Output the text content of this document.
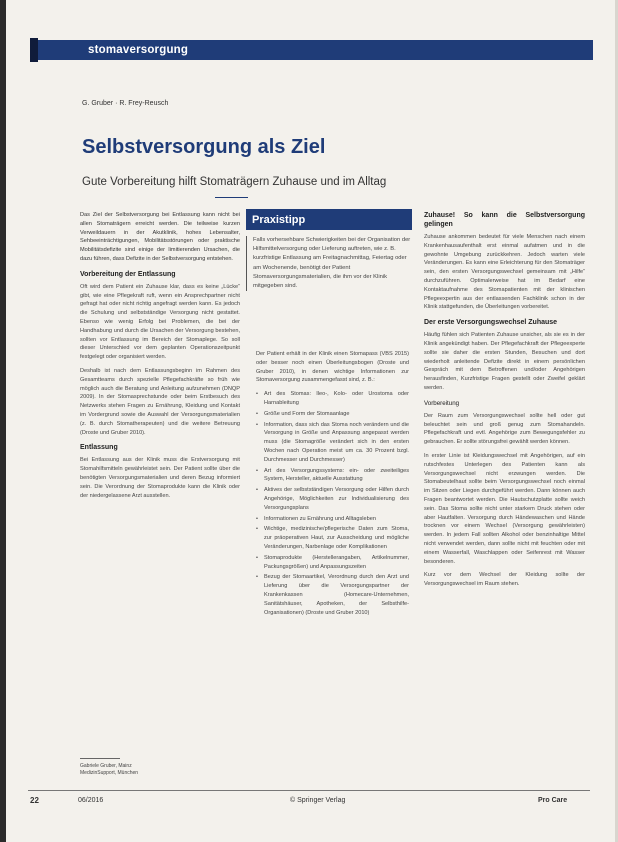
stomaversorgung
G. Gruber · R. Frey-Reusch
Selbstversorgung als Ziel
Gute Vorbereitung hilft Stomaträgern Zuhause und im Alltag

Das Ziel der Selbstversorgung bei Entlassung kann nicht bei allen Stomaträgern erreicht werden. Die teilweise kurzen Verweildauern in der Akutklinik, hohes Lebensalter, Sehbeeinträchtigungen, Mobilitätsstörungen oder praktische Mobilitätsdefizite sind einige der limitierenden Ursachen, die dazu führen, dass Defizite in der Selbstversorgung entstehen.

Vorbereitung der Entlassung

Oft wird dem Patient ein Zuhause klar, dass es keine „Lücke“ gibt, wie eine Pflegekraft ruft, wenn ein Ansprechpartner nicht gefragt hat oder nicht richtig angefragt werden kann. Es jedoch die Schulung und selbstständige Versorgung nicht gestattet. Ebenso wie wenig Erfolg bei Problemen, die bei der Handhabung und durch die Ursachen der Versorgung bestehen, sollten vor Entlassung im Bereich der Stomaplege. So soll dieser Unterschied vor dem geplanten Operationszeitpunkt festgelegt oder organisiert werden.

Deshalb ist nach dem Entlassungsbeginn im Rahmen des Gesamtteams durch spezielle Pflegefachkräfte so früh wie möglich auch die Beratung und Anleitung aufzunehmen (DNQP 2009). In der Stomasprechstunde oder beim Erstbesuch des Netzwerks stehen Fragen zu Ernährung, Kleidung und Kontakt im Vordergrund sowie die Auswahl der Versorgungsmaterialien (z. B. durch Stomatherapeuten) und die weitere Betreuung (Droste und Gruber 2010).

Entlassung

Bei Entlassung aus der Klinik muss die Erstversorgung mit Stomahilfsmitteln gewährleistet sein. Der Patient sollte über die benötigten Versorgungsmaterialien und deren Bezug informiert sein. Die Verordnung der Stomaprodukte kann die Klinik oder der niedergelassene Arzt ausstellen.

Praxistipp
Falls vorhersehbare Schwierigkeiten bei der Organisation der Hilfsmittelversorgung oder Lieferung auftreten, wie z. B. kurzfristige Entlassung am Freitagnachmittag, Feiertag oder am Wochenende, benötigt der Patient Stomaversorgungsmaterialien, die ihm vor der Klinik mitgegeben sind.

Der Patient erhält in der Klinik einen Stomapass (VBS 2015) oder besser noch einen Überleitungsbogen (Droste und Gruber 2010), in denen wichtige Informationen zur Stomaversorgung zusammengefasst sind, z. B.:

• Art des Stomas: Ileo-, Kolo- oder Urostoma oder Harnableitung
• Größe und Form der Stomaanlage
• Information, dass sich das Stoma noch verändern und die Versorgung in Größe und Anpassung angepasst werden muss (die Stomagröße verändert sich in den ersten Wochen nach Operation meist um ca. 30 Prozent bzgl. Durchmesser und Durchmesser)
• Art des Versorgungssystems: ein- oder zweiteiliges System, Hersteller, aktuelle Ausstattung
• Aktives der selbstständigen Versorgung oder Hilfen durch Angehörige, Möglichkeiten zur Individualisierung des Versorgungsplans
• Informationen zu Ernährung und Alltagsleben
• Wichtige, medizinische/pflegerische Daten zum Stoma, zur präoperativen Haut, zur Ausscheidung und mögliche Veränderungen, Narbenlage oder Komplikationen
• Stomaprodukte (Herstellerangaben, Artikelnummer, Packungsgrößen) und Anpassungszeiten
• Bezug der Stomaartikel, Verordnung durch den Arzt und Lieferung über die Versorgungspartner der Krankenkassen (Homecare-Unternehmen, Sanitätshäuser, Apotheken, der Selbsthilfe-Organisationen) (Droste und Gruber 2010)
Zuhause! So kann die Selbstversorgung gelingen

Zuhause ankommen bedeutet für viele Menschen nach einem Krankenhausaufenthalt erst einmal aufatmen und in die gewohnte Umgebung zurückkehren. Jedoch warten viele Veränderungen. Es kann eine Erleichterung für den Stomaträger sein, den ersten Versorgungswechsel gemeinsam mit „Hilfe“ durchzuführen. Optimalerweise hat im Bedarf eine Kontaktaufnahme des Stomapatienten mit der klinischen Pflegeexpertin aus der entlassenden Fachklinik schon in der Klinik stattgefunden, die Überleitungen vorbereitet.

Der erste Versorgungswechsel Zuhause

Häufig fühlen sich Patienten Zuhause unsicher, als sie es in der Klinik angekündigt haben. Der Pflegefachkraft der Pflegeexperte sollte sie daher die ersten Stunden, Besuchen und dort wiederholt anleitende Defizite direkt in einem persönlichen Gespräch mit dem Betroffenen und/oder Angehörigen herausfinden, Kurzfristige Fragen gestellt oder Zweifel geklärt werden.

Vorbereitung

Der Raum zum Versorgungswechsel sollte hell oder gut beleuchtet sein und groß genug zum Stomahandeln. Pflegefachkraft und evtl. Angehörige zum Bewegungsfehler zu gebrauchen. Er sollte störungsfrei gewählt werden können.

In erster Linie ist Kleidungswechsel mit Angehörigen, auf ein rutschfestes Unterlegen des Patienten kann als Versorgungswechsel nicht erzwungen werden. Die Stomabeutelhaut sollte beim Versorgungswechsel noch einmal im Sitzen oder Liegen durchgeführt werden. Dann können auch Fragen beantwortet werden. Die Hautschutzplatte sollte weich sein. Das Stoma sollte nicht unter starkem Druck stehen oder aber Hautfalten. Versorgung durch Händewaschen und Hände trocknen vor einem Wechsel (Versorgung gewährleisten) werden. In jedem Fall sollten Alkohol oder benzinhaltige Mittel nicht verwendet werden, dann sollte nicht mit feuchten oder mit einem Wasserfall, Waschlappen oder Seifenrest mit Wasser besonderen.

Kurz vor dem Wechsel der Kleidung sollte der Versorgungswechsel im Raum stehen.

Gabriele Gruber, Mainz
MedizinSupport, München
22	06/2016	© Springer Verlag	Pro Care
